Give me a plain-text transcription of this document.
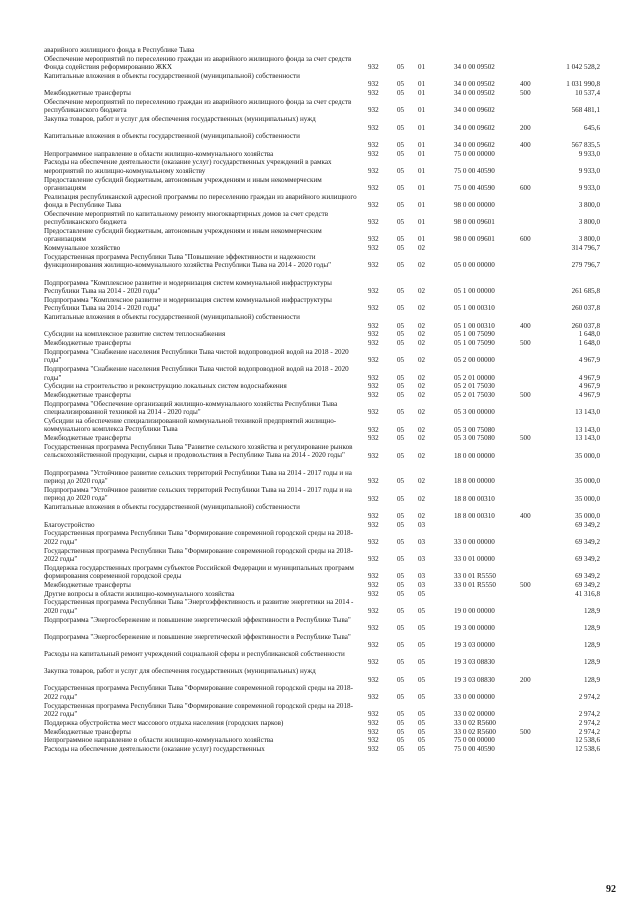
аварийного жилищного фонда в Республике Тыва
Обеспечение мероприятий по переселению граждан из аварийного жилищного фонда за счет средств Фонда содействия реформированию ЖКХ	932	05	01	34 0 00 09502	1 042 528,2
Капитальные вложения в объекты государственной (муниципальной) собственности
932	05	01	34 0 00 09502	400	1 031 990,8
Межбюджетные трансферты	932	05	01	34 0 00 09502	500	10 537,4
Обеспечение мероприятий по переселению граждан из аварийного жилищного фонда за счет средств республиканского бюджета	932	05	01	34 0 00 09602	568 481,1
Закупка товаров, работ и услуг для обеспечения государственных (муниципальных) нужд
932	05	01	34 0 00 09602	200	645,6
Капитальные вложения в объекты государственной (муниципальной) собственности
932	05	01	34 0 00 09602	400	567 835,5
Непрограммное направление в области жилищно-коммунального хозяйства	932	05	01	75 0 00 00000	9 933,0
Расходы на обеспечение деятельности (оказание услуг) государственных учреждений в рамках мероприятий по жилищно-коммунальному хозяйству	932	05	01	75 0 00 40590	9 933,0
Предоставление субсидий бюджетным, автономным учреждениям и иным некоммерческим организациям	932	05	01	75 0 00 40590	600	9 933,0
Реализация республиканской адресной программы по переселению граждан из аварийного жилищного фонда в Республике Тыва	932	05	01	98 0 00 00000	3 800,0
Обеспечение мероприятий по капитальному ремонту многоквартирных домов за счет средств республиканского бюджета	932	05	01	98 0 00 09601	3 800,0
Предоставление субсидий бюджетным, автономным учреждениям и иным некоммерческим организациям	932	05	01	98 0 00 09601	600	3 800,0
Коммунальное хозяйство	932	05	02	314 796,7
Государственная программа Республики Тыва "Повышение эффективности и надежности функционирования жилищно-коммунального хозяйства Республики Тыва на 2014 - 2020 годы"	932	05	02	05 0 00 00000	279 796,7
Подпрограмма "Комплексное развитие и модернизация систем коммунальной инфраструктуры Республики Тыва на 2014 - 2020 годы"	932	05	02	05 1 00 00000	261 685,8
Подпрограмма "Комплексное развитие и модернизация систем коммунальной инфраструктуры Республики Тыва на 2014 - 2020 годы"	932	05	02	05 1 00 00310	260 037,8
Капитальные вложения в объекты государственной (муниципальной) собственности
932	05	02	05 1 00 00310	400	260 037,8
Субсидии на комплексное развитие систем теплоснабжения	932	05	02	05 1 00 75090	1 648,0
Межбюджетные трансферты	932	05	02	05 1 00 75090	500	1 648,0
Подпрограмма "Снабжение населения Республики Тыва чистой водопроводной водой на 2018 - 2020 годы"	932	05	02	05 2 00 00000	4 967,9
Подпрограмма "Снабжение населения Республики Тыва чистой водопроводной водой на 2018 - 2020 годы"	932	05	02	05 2 01 00000	4 967,9
Субсидии на строительство и реконструкцию локальных систем водоснабжения	932	05	02	05 2 01 75030	4 967,9
Межбюджетные трансферты	932	05	02	05 2 01 75030	500	4 967,9
Подпрограмма "Обеспечение организаций жилищно-коммунального хозяйства Республики Тыва специализированной техникой на 2014 - 2020 годы"	932	05	02	05 3 00 00000	13 143,0
Субсидии на обеспечение специализированной коммунальной техникой предприятий жилищно-коммунального комплекса Республики Тыва	932	05	02	05 3 00 75080	13 143,0
Межбюджетные трансферты	932	05	02	05 3 00 75080	500	13 143,0
Государственная программа Республики Тыва "Развитие сельского хозяйства и регулирование рынков сельскохозяйственной продукции, сырья и продовольствия в Республике Тыва на 2014 - 2020 годы"	932	05	02	18 0 00 00000	35 000,0
Подпрограмма "Устойчивое развитие сельских территорий Республики Тыва на 2014 - 2017 годы и на период до 2020 года"	932	05	02	18 8 00 00000	35 000,0
Подпрограмма "Устойчивое развитие сельских территорий Республики Тыва на 2014 - 2017 годы и на период до 2020 года"	932	05	02	18 8 00 00310	35 000,0
Капитальные вложения в объекты государственной (муниципальной) собственности
932	05	02	18 8 00 00310	400	35 000,0
Благоустройство	932	05	03	69 349,2
Государственная программа Республики Тыва "Формирование современной городской среды на 2018-2022 годы"	932	05	03	33 0 00 00000	69 349,2
Государственная программа Республики Тыва "Формирование современной городской среды на 2018-2022 годы"	932	05	03	33 0 01 00000	69 349,2
Поддержка государственных программ субъектов Российской Федерации и муниципальных программ формирования современной городской среды	932	05	03	33 0 01 R5550	69 349,2
Межбюджетные трансферты	932	05	03	33 0 01 R5550	500	69 349,2
Другие вопросы в области жилищно-коммунального хозяйства	932	05	05	41 316,8
Государственная программа Республики Тыва "Энергоэффективность и развитие энергетики на 2014 - 2020 годы"	932	05	05	19 0 00 00000	128,9
Подпрограмма "Энергосбережение и повышение энергетической эффективности в Республике Тыва"
932	05	05	19 3 00 00000	128,9
Подпрограмма "Энергосбережение и повышение энергетической эффективности в Республике Тыва"
932	05	05	19 3 03 00000	128,9
Расходы на капитальный ремонт учреждений социальной сферы и республиканской собственности
932	05	05	19 3 03 08830	128,9
Закупка товаров, работ и услуг для обеспечения государственных (муниципальных) нужд
932	05	05	19 3 03 08830	200	128,9
Государственная программа Республики Тыва "Формирование современной городской среды на 2018-2022 годы"	932	05	05	33 0 00 00000	2 974,2
Государственная программа Республики Тыва "Формирование современной городской среды на 2018-2022 годы"	932	05	05	33 0 02 00000	2 974,2
Поддержка обустройства мест массового отдыха населения (городских парков)	932	05	05	33 0 02 R5600	2 974,2
Межбюджетные трансферты	932	05	05	33 0 02 R5600	500	2 974,2
Непрограммное направление в области жилищно-коммунального хозяйства	932	05	05	75 0 00 00000	12 538,6
Расходы на обеспечение деятельности (оказание услуг) государственных	932	05	05	75 0 00 40590	12 538,6
92
